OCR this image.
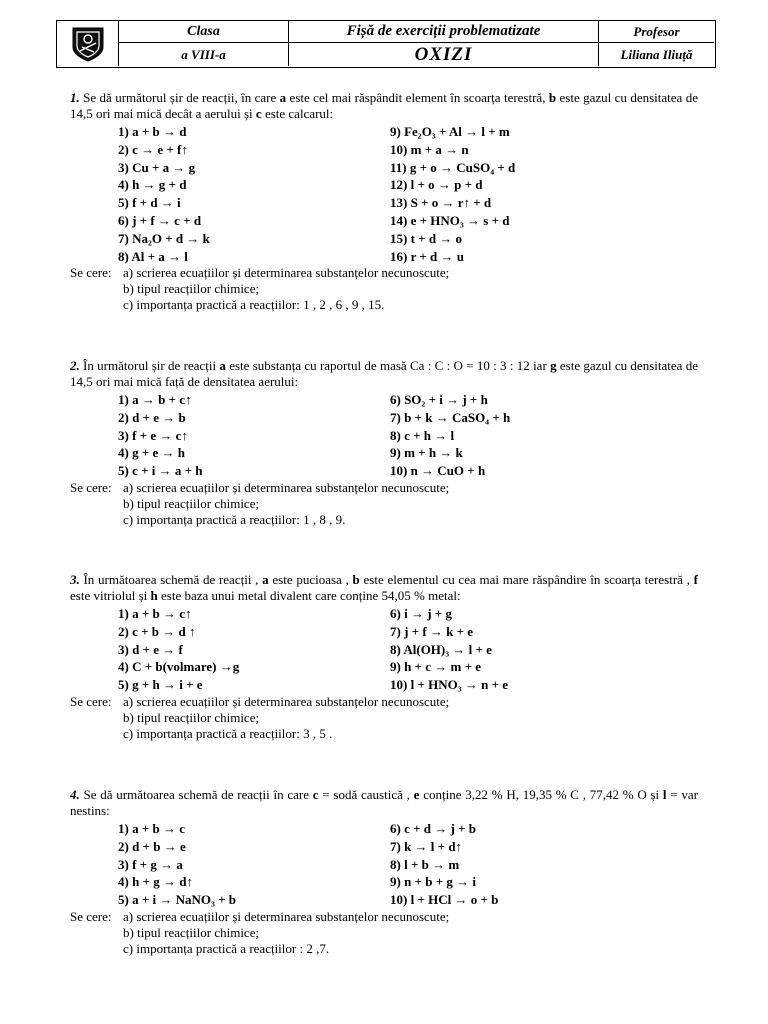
Clasa
a VIII-a
Fișă de exerciții problematizate
OXIZI
Profesor
Liliana Iliuță

1. Se dă următorul șir de reacții, în care a este cel mai răspândit element în scoarța terestră, b este gazul cu densitatea de 14,5 ori mai mică decât a aerului și c este calcarul:

1) a + b → d
2) c → e + f↑
3) Cu + a → g
4) h → g + d
5) f + d → i
6) j + f → c + d
7) Na₂O + d → k
8) Al + a → l
9) Fe₂O₃ + Al → l + m
10) m + a → n
11) g + o → CuSO₄ + d
12) l + o → p + d
13) S + o → r↑ + d
14) e + HNO₃ → s + d
15) t + d → o
16) r + d → u
Se cere: a) scrierea ecuațiilor și determinarea substanțelor necunoscute;
b) tipul reacțiilor chimice;
c) importanța practică a reacțiilor: 1 , 2 , 6 , 9 , 15.

2. În următorul șir de reacții a este substanța cu raportul de masă Ca : C : O = 10 : 3 : 12 iar g este gazul cu densitatea de 14,5 ori mai mică față de densitatea aerului:

1) a → b + c↑
2) d + e → b
3) f + e → c↑
4) g + e → h
5) c + i → a + h
6) SO₂ + i → j + h
7) b + k → CaSO₄ + h
8) c + h → l
9) m + h → k
10) n → CuO + h
Se cere: a) scrierea ecuațiilor și determinarea substanțelor necunoscute;
b) tipul reacțiilor chimice;
c) importanța practică a reacțiilor: 1 , 8 , 9.

3. În următoarea schemă de reacții , a este pucioasa , b este elementul cu cea mai mare răspândire în scoarța terestră , f este vitriolul și h este baza unui metal divalent care conține 54,05 % metal:

1) a + b → c↑
2) c + b → d ↑
3) d + e → f
4) C + b(volmare) →g
5) g + h → i + e
6) i → j + g
7) j + f → k + e
8) Al(OH)₃ → l + e
9) h + c → m + e
10) l + HNO₃ → n + e
Se cere: a) scrierea ecuațiilor și determinarea substanțelor necunoscute;
b) tipul reacțiilor chimice;
c) importanța practică a reacțiilor: 3 , 5 .

4. Se dă următoarea schemă de reacții în care c = sodă caustică , e conține 3,22 % H, 19,35 % C , 77,42 % O și l = var nestins:

1) a + b → c
2) d + b → e
3) f + g → a
4) h + g → d↑
5) a + i → NaNO₃ + b
6) c + d → j + b
7) k → l + d↑
8) l + b → m
9) n + b + g → i
10) l + HCl → o + b
Se cere: a) scrierea ecuațiilor și determinarea substanțelor necunoscute;
b) tipul reacțiilor chimice;
c) importanța practică a reacțiilor : 2 ,7.
